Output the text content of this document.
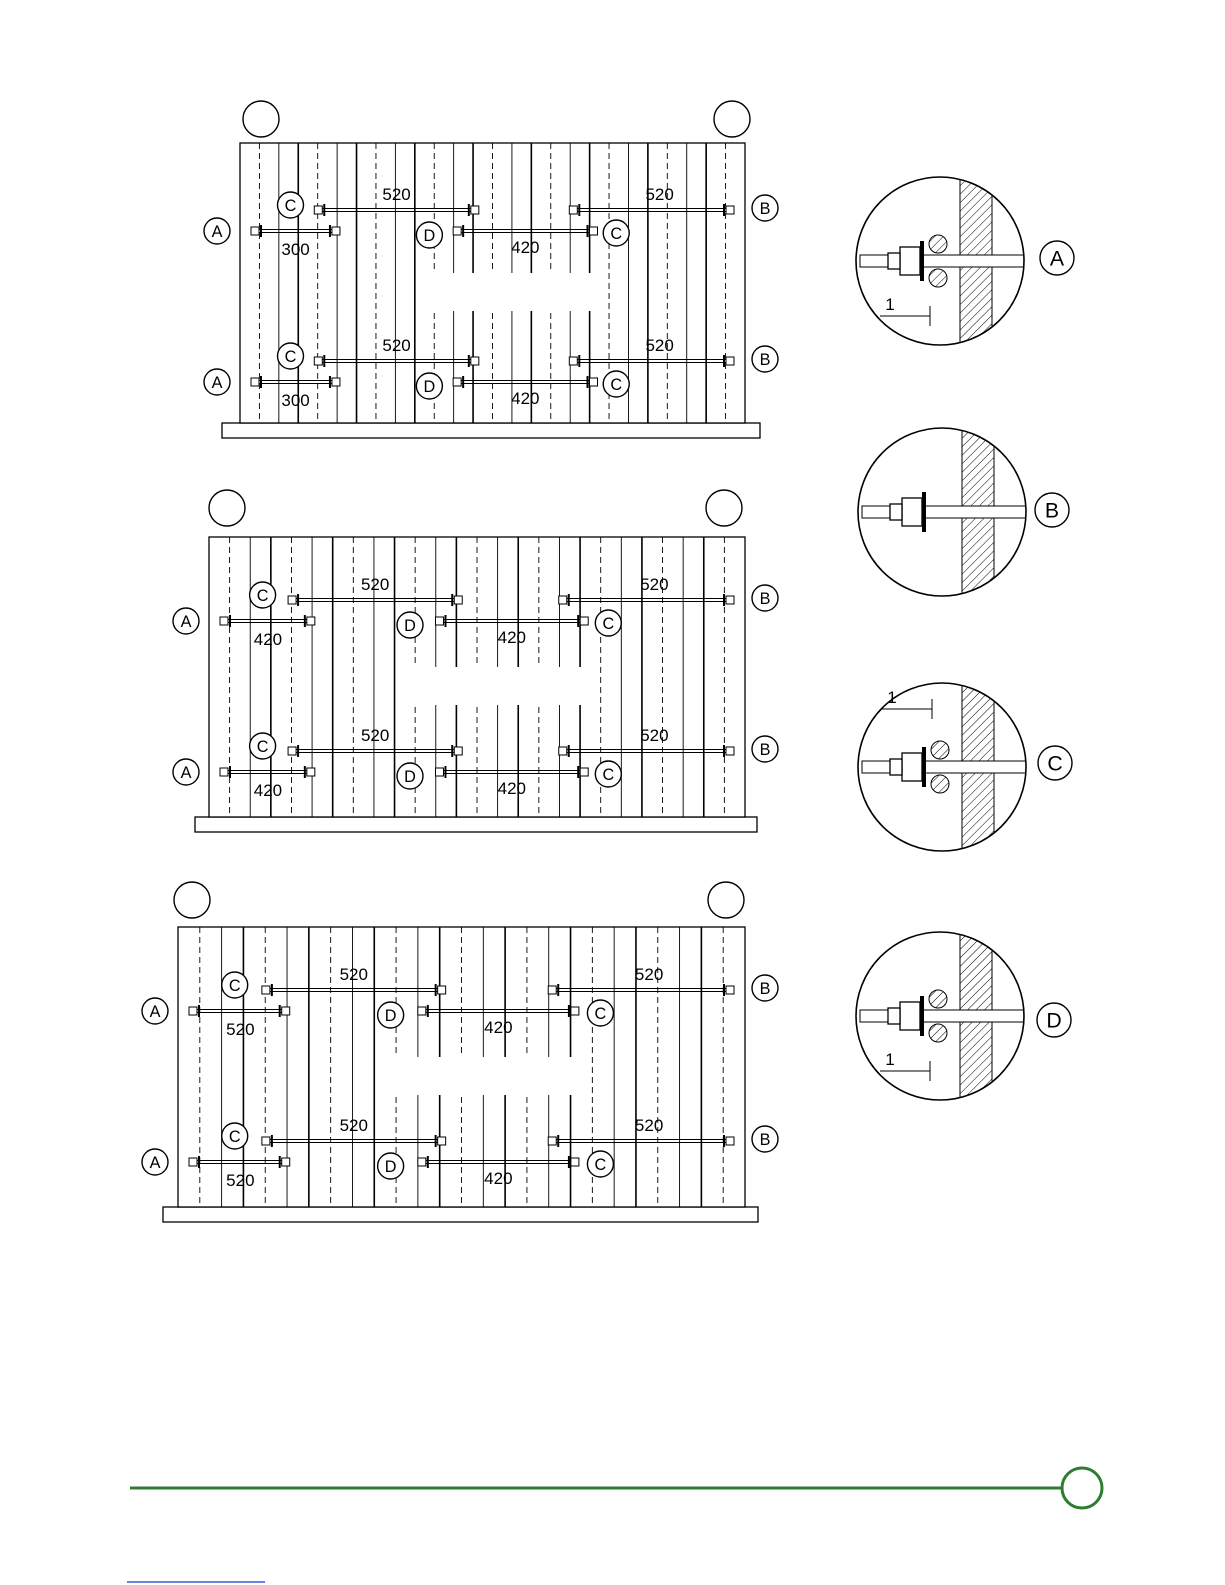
C
520	520
B
A
300
D
420
C
C
520	520
B
A
300
D
420
C
C
520	520
B
A
420
D
420
C
C
520	520
B
A
420
D
420
C
C
520	520
B
A
520
D
420
C
C
520	520
B
A
520
D
420
C
A
1
B
C
1
D
1
